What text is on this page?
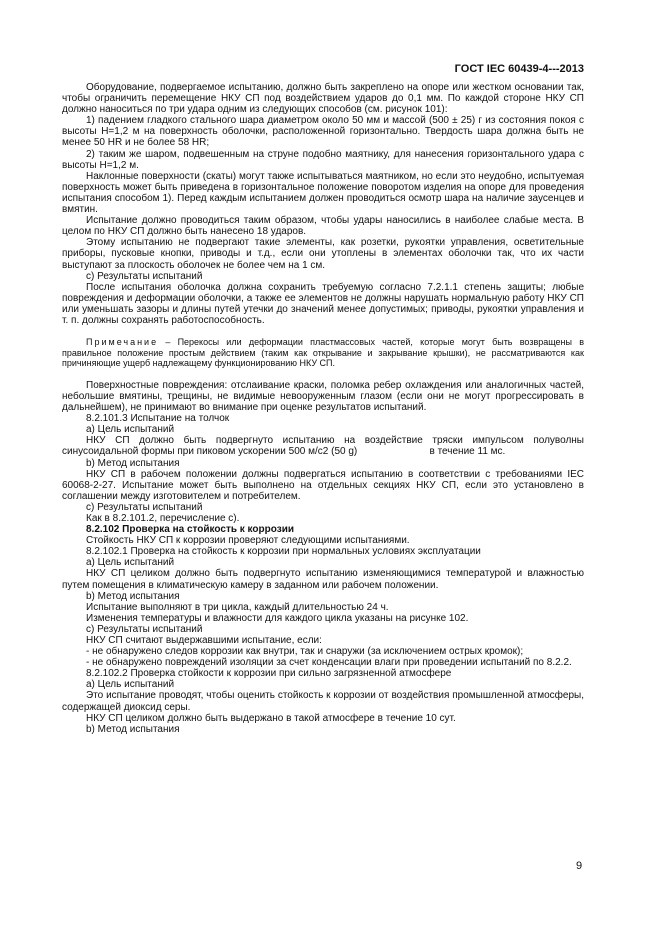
ГОСТ IEC 60439-4---2013

Оборудование, подвергаемое испытанию, должно быть закреплено на опоре или жестком основании так, чтобы ограничить перемещение НКУ СП под воздействием ударов до 0,1 мм. По каждой стороне НКУ СП должно наноситься по три удара одним из следующих способов (см. рисунок 101):

1) падением гладкого стального шара диаметром около 50 мм и массой (500 ± 25) г из состояния покоя с высоты H=1,2 м на поверхность оболочки, расположенной горизонтально. Твердость шара должна быть не менее 50 HR и не более 58 HR;

2) таким же шаром, подвешенным на струне подобно маятнику, для нанесения горизонтального удара с высоты H=1,2 м.

Наклонные поверхности (скаты) могут также испытываться маятником, но если это неудобно, испытуемая поверхность может быть приведена в горизонтальное положение поворотом изделия на опоре для проведения испытания способом 1). Перед каждым испытанием должен проводиться осмотр шара на наличие заусенцев и вмятин.

Испытание должно проводиться таким образом, чтобы удары наносились в наиболее слабые места. В целом по НКУ СП должно быть нанесено 18 ударов.

Этому испытанию не подвергают такие элементы, как розетки, рукоятки управления, осветительные приборы, пусковые кнопки, приводы и т.д., если они утоплены в элементах оболочки так, что их части выступают за плоскость оболочек не более чем на 1 см.

с) Результаты испытаний

После испытания оболочка должна сохранить требуемую согласно 7.2.1.1 степень защиты; любые повреждения и деформации оболочки, а также ее элементов не должны нарушать нормальную работу НКУ СП или уменьшать зазоры и длины путей утечки до значений менее допустимых; приводы, рукоятки управления и т. п. должны сохранять работоспособность.

Примечание – Перекосы или деформации пластмассовых частей, которые могут быть возвращены в правильное положение простым действием (таким как открывание и закрывание крышки), не рассматриваются как причиняющие ущерб надлежащему функционированию НКУ СП.

Поверхностные повреждения: отслаивание краски, поломка ребер охлаждения или аналогичных частей, небольшие вмятины, трещины, не видимые невооруженным глазом (если они не могут прогрессировать в дальнейшем), не принимают во внимание при оценке результатов испытаний.

8.2.101.3 Испытание на толчок

а) Цель испытаний

НКУ СП должно быть подвергнуто испытанию на воздействие тряски импульсом полуволны синусоидальной формы при пиковом ускорении 500 м/с2 (50 g)                          в течение 11 мс.

b) Метод испытания

НКУ СП в рабочем положении должны подвергаться испытанию в соответствии с требованиями IEC 60068-2-27. Испытание может быть выполнено на отдельных секциях НКУ СП, если это установлено в соглашении между изготовителем и потребителем.

с) Результаты испытаний

Как в 8.2.101.2, перечисление с).

8.2.102 Проверка на стойкость к коррозии

Стойкость НКУ СП к коррозии проверяют следующими испытаниями.

8.2.102.1 Проверка на стойкость к коррозии при нормальных условиях эксплуатации

а) Цель испытаний

НКУ СП целиком должно быть подвергнуто испытанию изменяющимися температурой и влажностью путем помещения в климатическую камеру в заданном или рабочем положении.

b) Метод испытания

Испытание выполняют в три цикла, каждый длительностью 24 ч.

Изменения температуры и влажности для каждого цикла указаны на рисунке 102.

с) Результаты испытаний

НКУ СП считают выдержавшими испытание, если:

- не обнаружено следов коррозии как внутри, так и снаружи (за исключением острых кромок);

- не обнаружено повреждений изоляции за счет конденсации влаги при проведении испытаний по 8.2.2.

8.2.102.2 Проверка стойкости к коррозии при сильно загрязненной атмосфере

а) Цель испытаний

Это испытание проводят, чтобы оценить стойкость к коррозии от воздействия промышленной атмосферы, содержащей диоксид серы.

НКУ СП целиком должно быть выдержано в такой атмосфере в течение 10 сут.

b) Метод испытания

9
